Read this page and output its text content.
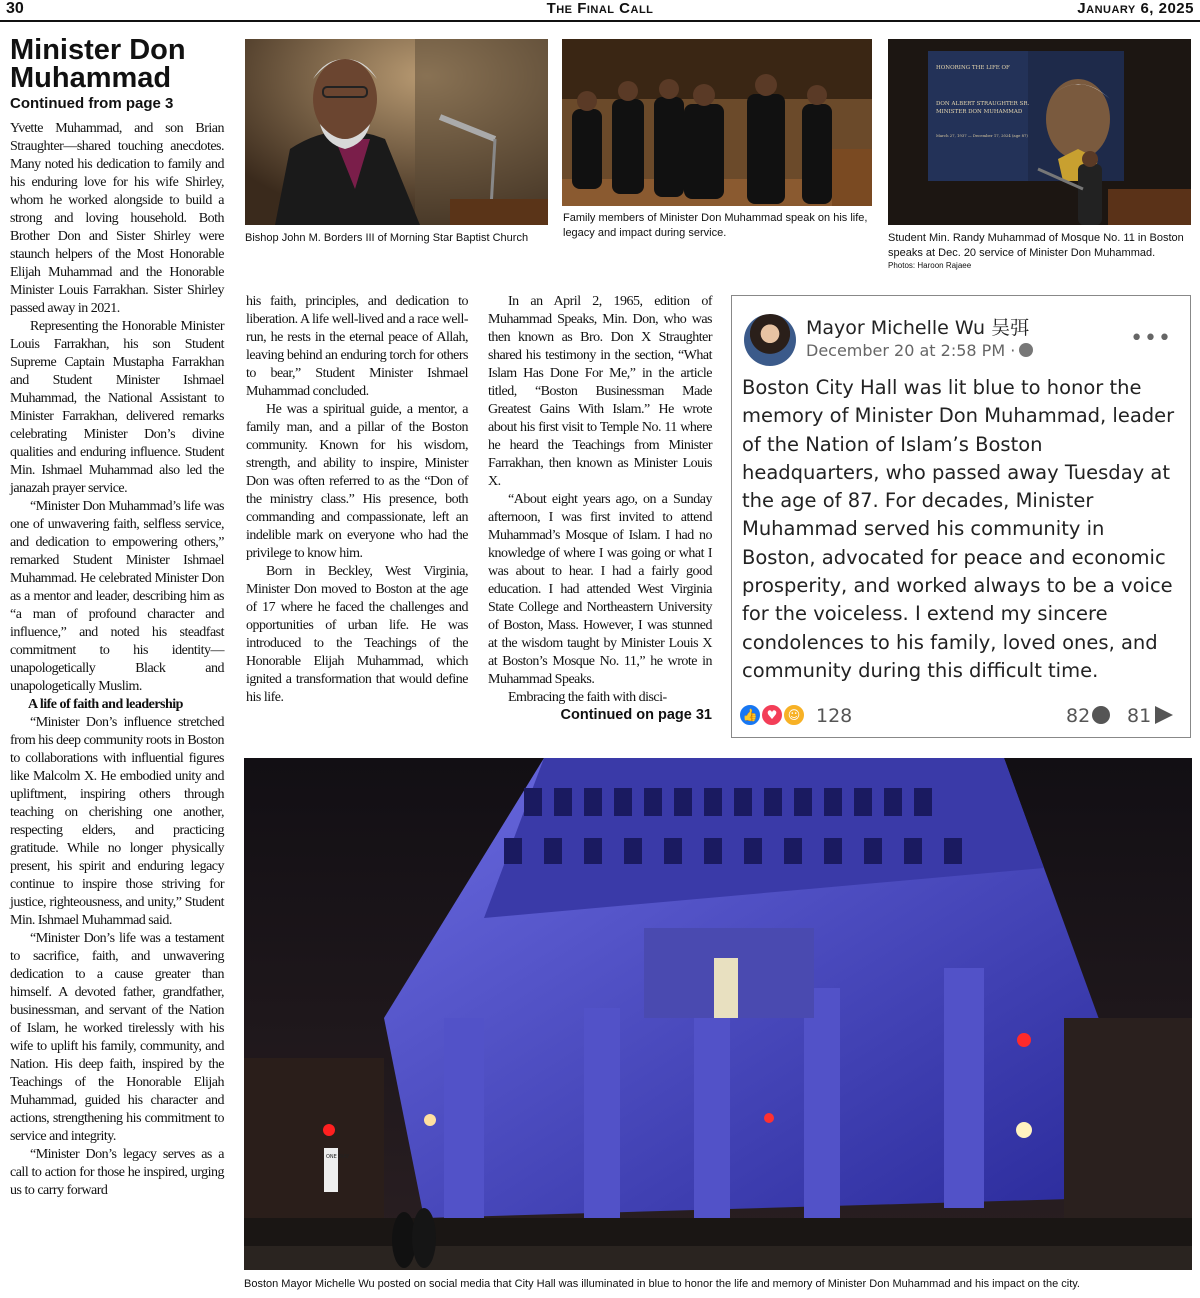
30	The Final Call	January 6, 2025
Minister Don Muhammad
Continued from page 3

Yvette Muhammad, and son Brian Straughter—shared touching anecdotes. Many noted his dedication to family and his enduring love for his wife Shirley, whom he worked alongside to build a strong and loving household. Both Brother Don and Sister Shirley were staunch helpers of the Most Honorable Elijah Muhammad and the Honorable Minister Louis Farrakhan. Sister Shirley passed away in 2021.

Representing the Honorable Minister Louis Farrakhan, his son Student Supreme Captain Mustapha Farrakhan and Student Minister Ishmael Muhammad, the National Assistant to Minister Farrakhan, delivered remarks celebrating Minister Don’s divine qualities and enduring influence. Student Min. Ishmael Muhammad also led the janazah prayer service.

“Minister Don Muhammad’s life was one of unwavering faith, selfless service, and dedication to empowering others,” remarked Student Minister Ishmael Muhammad. He celebrated Minister Don as a mentor and leader, describing him as “a man of profound character and influence,” and noted his steadfast commitment to his identity—unapologetically Black and unapologetically Muslim.

A life of faith and leadership

“Minister Don’s influence stretched from his deep community roots in Boston to collaborations with influential figures like Malcolm X. He embodied unity and upliftment, inspiring others through teaching on cherishing one another, respecting elders, and practicing gratitude. While no longer physically present, his spirit and enduring legacy continue to inspire those striving for justice, righteousness, and unity,” Student Min. Ishmael Muhammad said.

“Minister Don’s life was a testament to sacrifice, faith, and unwavering dedication to a cause greater than himself. A devoted father, grandfather, businessman, and servant of the Nation of Islam, he worked tirelessly with his wife to uplift his family, community, and Nation. His deep faith, inspired by the Teachings of the Honorable Elijah Muhammad, guided his character and actions, strengthening his commitment to service and integrity.

“Minister Don’s legacy serves as a call to action for those he inspired, urging us to carry forward

his faith, principles, and dedication to liberation. A life well-lived and a race well-run, he rests in the eternal peace of Allah, leaving behind an enduring torch for others to bear,” Student Minister Ishmael Muhammad concluded.

He was a spiritual guide, a mentor, a family man, and a pillar of the Boston community. Known for his wisdom, strength, and ability to inspire, Minister Don was often referred to as the “Don of the ministry class.” His presence, both commanding and compassionate, left an indelible mark on everyone who had the privilege to know him.

Born in Beckley, West Virginia, Minister Don moved to Boston at the age of 17 where he faced the challenges and opportunities of urban life. He was introduced to the Teachings of the Honorable Elijah Muhammad, which ignited a transformation that would define his life.

In an April 2, 1965, edition of Muhammad Speaks, Min. Don, who was then known as Bro. Don X Straughter shared his testimony in the section, “What Islam Has Done For Me,” in the article titled, “Boston Businessman Made Greatest Gains With Islam.” He wrote about his first visit to Temple No. 11 where he heard the Teachings from Minister Farrakhan, then known as Minister Louis X.

“About eight years ago, on a Sunday afternoon, I was first invited to attend Muhammad’s Mosque of Islam. I had no knowledge of where I was going or what I was about to hear. I had a fairly good education. I had attended West Virginia State College and Northeastern University of Boston, Mass. However, I was stunned at the wisdom taught by Minister Louis X at Boston’s Mosque No. 11,” he wrote in Muhammad Speaks.

Embracing the faith with disci-

Continued on page 31

Bishop John M. Borders III of Morning Star Baptist Church
Family members of Minister Don Muhammad speak on his life, legacy and impact during service.
HONORING THE LIFE OF
DON ALBERT STRAUGHTER SR.
MINISTER DON MUHAMMAD
March 27, 1937 — December 17, 2024 (age 87)
Student Min. Randy Muhammad of Mosque No. 11 in Boston speaks at Dec. 20 service of Minister Don Muhammad.
Photos: Haroon Rajaee
Mayor Michelle Wu 吴弭
December 20 at 2:58 PM ·	•••
Boston City Hall was lit blue to honor the memory of Minister Don Muhammad, leader of the Nation of Islam’s Boston headquarters, who passed away Tuesday at the age of 87. For decades, Minister Muhammad served his community in Boston, advocated for peace and economic prosperity, and worked always to be a voice for the voiceless. I extend my sincere condolences to his family, loved ones, and community during this difficult time.
👍 ♥ ☺ 128	82	81
ONE WAY
Boston Mayor Michelle Wu posted on social media that City Hall was illuminated in blue to honor the life and memory of Minister Don Muhammad and his impact on the city.
